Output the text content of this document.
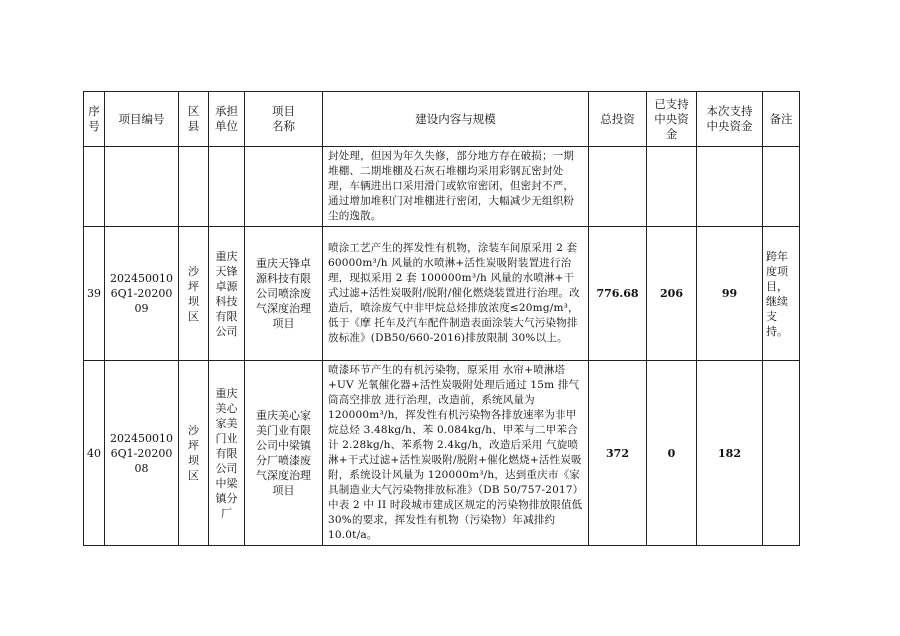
序号	项目编号	区县	承担单位	项目名称	建设内容与规模	总投资	已支持中央资金	本次支持中央资金	备注
					封处理，但因为年久失修，部分地方存在破损；一期堆棚、二期堆棚及石灰石堆棚均采用彩钢瓦密封处理，车辆进出口采用滑门或软帘密闭，但密封不严，通过增加堆积门对堆棚进行密闭，大幅减少无组织粉尘的逸散。				
39	2024500106Q1-2020009	沙坪坝区	重庆天锋卓源科技有限公司	重庆天锋卓源科技有限公司喷涂废气深度治理项目	喷涂工艺产生的挥发性有机物，涂装车间原采用 2 套 60000m³/h 风量的水喷淋+活性炭吸附装置进行治理，现拟采用 2 套 100000m³/h 风量的水喷淋+干式过滤+活性炭吸附/脱附/催化燃烧装置进行治理。改造后，喷涂废气中非甲烷总烃排放浓度≤20mg/m³， 低于《摩 托车及汽车配件制造表面涂装大气污染物排放标准》(DB50/660-2016)排放限制 30%以上。	776.68	206	99	跨年度项目，继续支持。
40	2024500106Q1-2020008	沙坪坝区	重庆美心家美门业有限公司中梁镇分厂	重庆美心家美门业有限公司中梁镇分厂喷漆废气深度治理项目	喷漆环节产生的有机污染物，原采用 水帘+喷淋塔+UV 光氧催化器+活性炭吸附处理后通过 15m 排气筒高空排放 进行治理，改造前，系统风量为 120000m³/h，挥发性有机污染物各排放速率为非甲烷总烃 3.48kg/h、苯 0.084kg/h、甲苯与二甲苯合计 2.28kg/h、苯系物 2.4kg/h，改造后采用 气旋喷淋+干式过滤+活性炭吸附/脱附+催化燃烧+活性炭吸附，系统设计风量为 120000m³/h，达到重庆市《家具制造业大气污染物排放标准》（DB 50/757-2017）中表 2 中 II 时段城市建成区规定的污染物排放限值低 30%的要求，挥发性有机物（污染物）年减排约 10.0t/a。	372	0	182	
